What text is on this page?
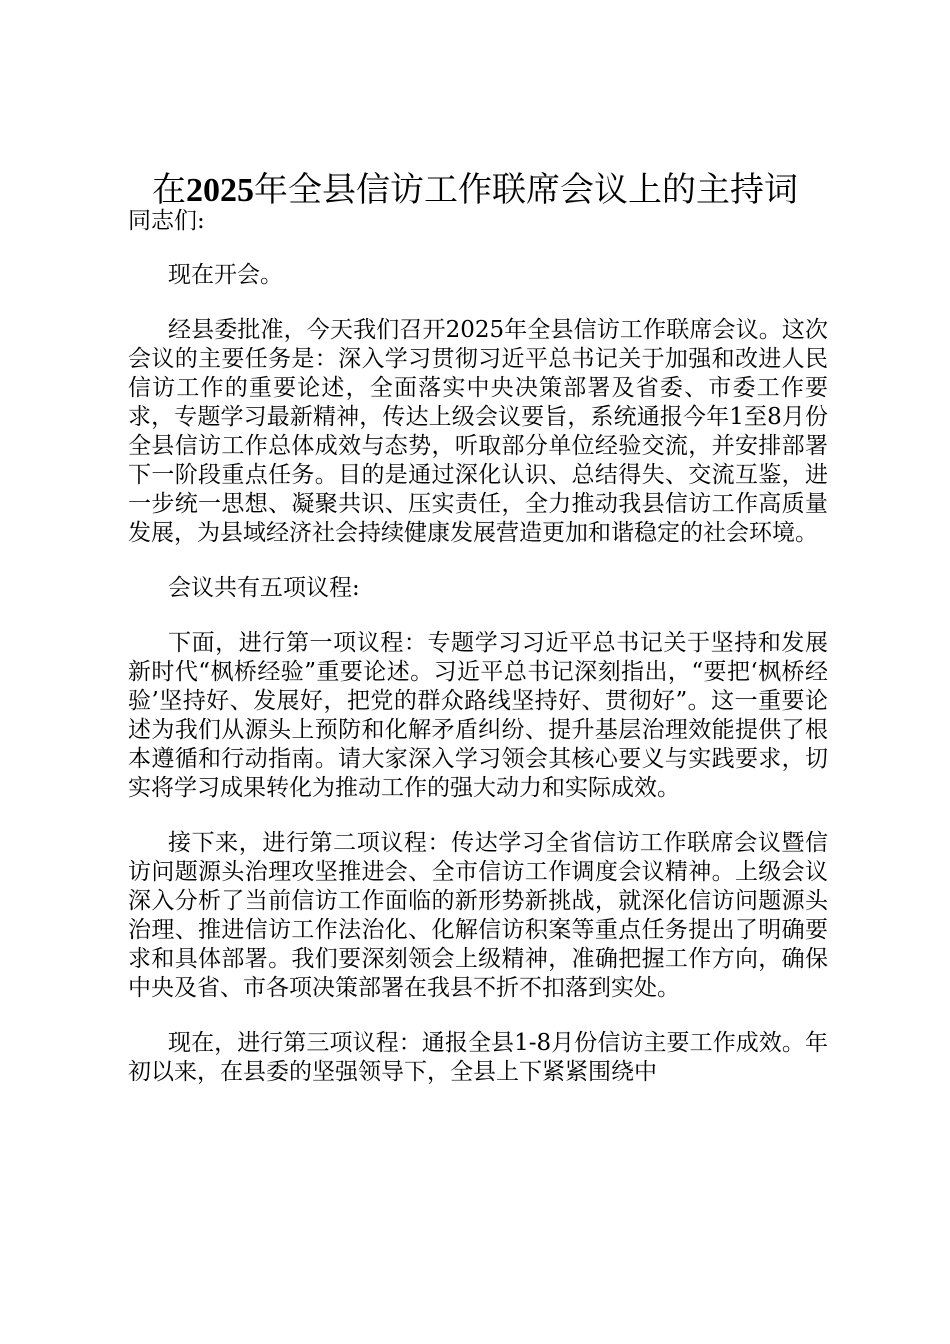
在2025年全县信访工作联席会议上的主持词

同志们:

现在开会。

经县委批准，今天我们召开2025年全县信访工作联席会议。这次会议的主要任务是：深入学习贯彻习近平总书记关于加强和改进人民信访工作的重要论述，全面落实中央决策部署及省委、市委工作要求，专题学习最新精神，传达上级会议要旨，系统通报今年1至8月份全县信访工作总体成效与态势，听取部分单位经验交流，并安排部署下一阶段重点任务。目的是通过深化认识、总结得失、交流互鉴，进一步统一思想、凝聚共识、压实责任，全力推动我县信访工作高质量发展，为县域经济社会持续健康发展营造更加和谐稳定的社会环境。

会议共有五项议程:

下面，进行第一项议程：专题学习习近平总书记关于坚持和发展新时代“枫桥经验”重要论述。习近平总书记深刻指出，“要把‘枫桥经验’坚持好、发展好，把党的群众路线坚持好、贯彻好”。这一重要论述为我们从源头上预防和化解矛盾纠纷、提升基层治理效能提供了根本遵循和行动指南。请大家深入学习领会其核心要义与实践要求，切实将学习成果转化为推动工作的强大动力和实际成效。

接下来，进行第二项议程：传达学习全省信访工作联席会议暨信访问题源头治理攻坚推进会、全市信访工作调度会议精神。上级会议深入分析了当前信访工作面临的新形势新挑战，就深化信访问题源头治理、推进信访工作法治化、化解信访积案等重点任务提出了明确要求和具体部署。我们要深刻领会上级精神，准确把握工作方向，确保中央及省、市各项决策部署在我县不折不扣落到实处。

现在，进行第三项议程：通报全县1-8月份信访主要工作成效。年初以来，在县委的坚强领导下，全县上下紧紧围绕中
